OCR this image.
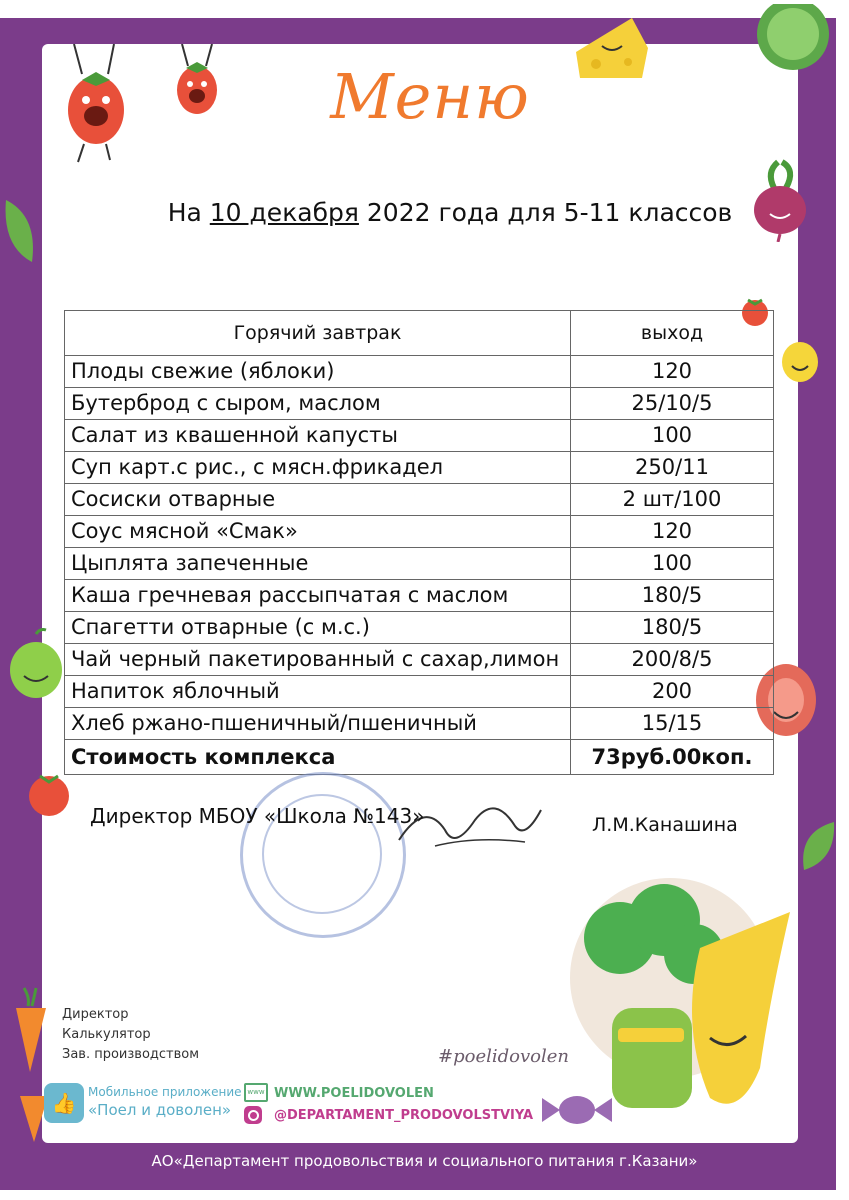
Меню
На 10 декабря 2022 года для 5-11 классов
Горячий завтрак	выход
Плоды свежие (яблоки)	120
Бутерброд с сыром, маслом	25/10/5
Салат из квашенной капусты	100
Суп карт.с рис., с мясн.фрикадел	250/11
Сосиски отварные	2 шт/100
Соус мясной «Смак»	120
Цыплята запеченные	100
Каша гречневая рассыпчатая с маслом	180/5
Спагетти отварные (с м.с.)	180/5
Чай черный пакетированный с сахар,лимон	200/8/5
Напиток яблочный	200
Хлеб ржано-пшеничный/пшеничный	15/15
Стоимость комплекса	73руб.00коп.
Директор МБОУ «Школа №143»	Л.М.Канашина
Директор
Калькулятор
Зав. производством
👍 Мобильное приложение
«Поел и доволен»
www WWW.POELIDOVOLEN
@DEPARTAMENT_PRODOVOLSTVIYA
#poelidovolen
АО«Департамент продовольствия и социального питания г.Казани»
